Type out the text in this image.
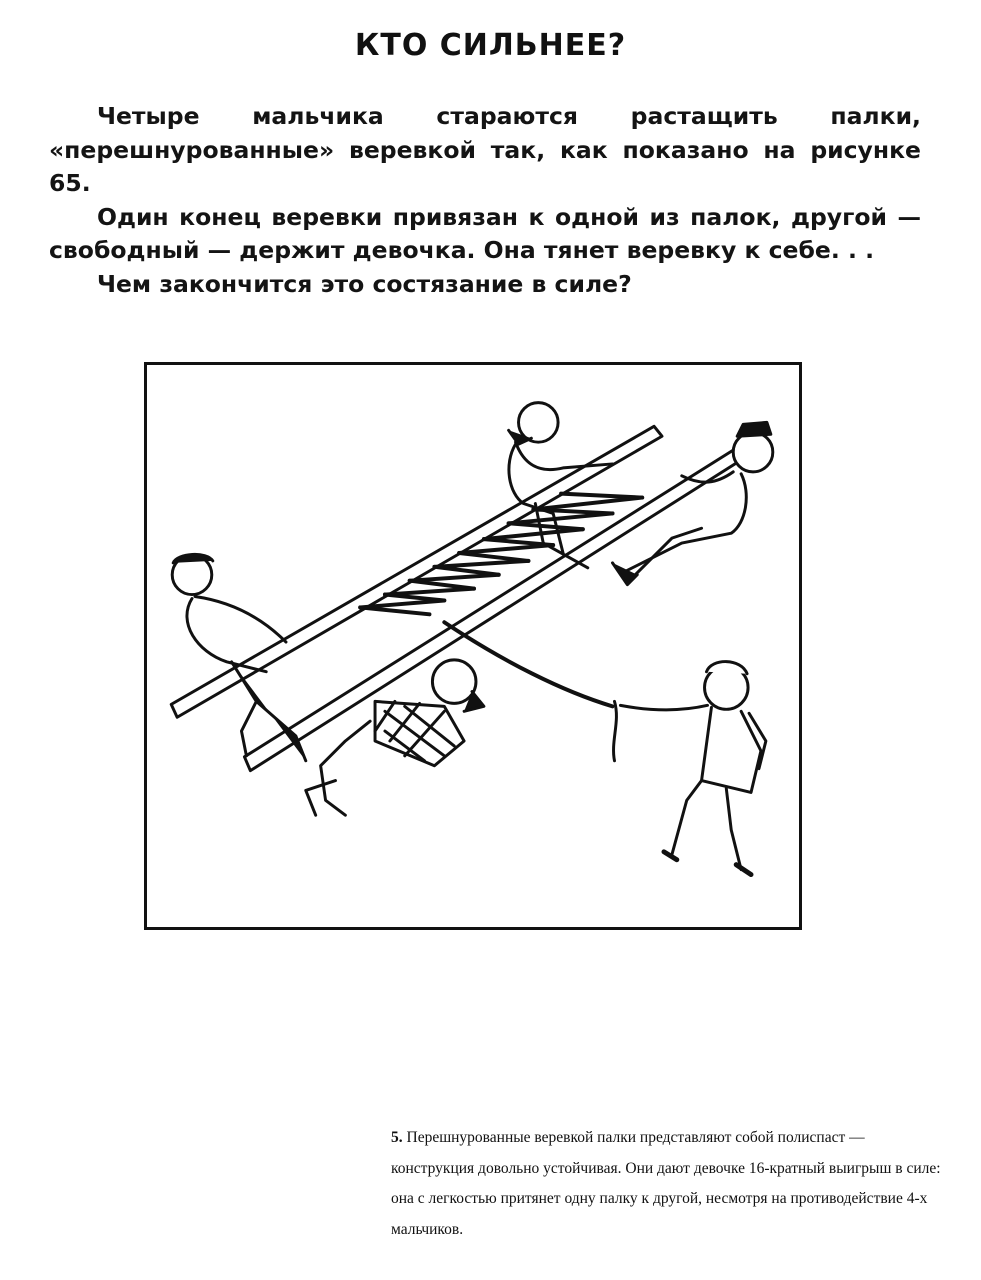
КТО СИЛЬНЕЕ?

Четыре мальчика стараются растащить палки, «перешнурованные» веревкой так, как показано на рисунке 65.

Один конец веревки привязан к одной из палок, другой — свободный — держит девочка. Она тянет веревку к себе. . .

Чем закончится это состязание в силе?

5. Перешнурованные веревкой палки представляют собой полиспаст — конструкция довольно устойчивая. Они дают девочке 16-кратный выигрыш в силе: она с легкостью притянет одну палку к другой, несмотря на противодействие 4-х мальчиков.
